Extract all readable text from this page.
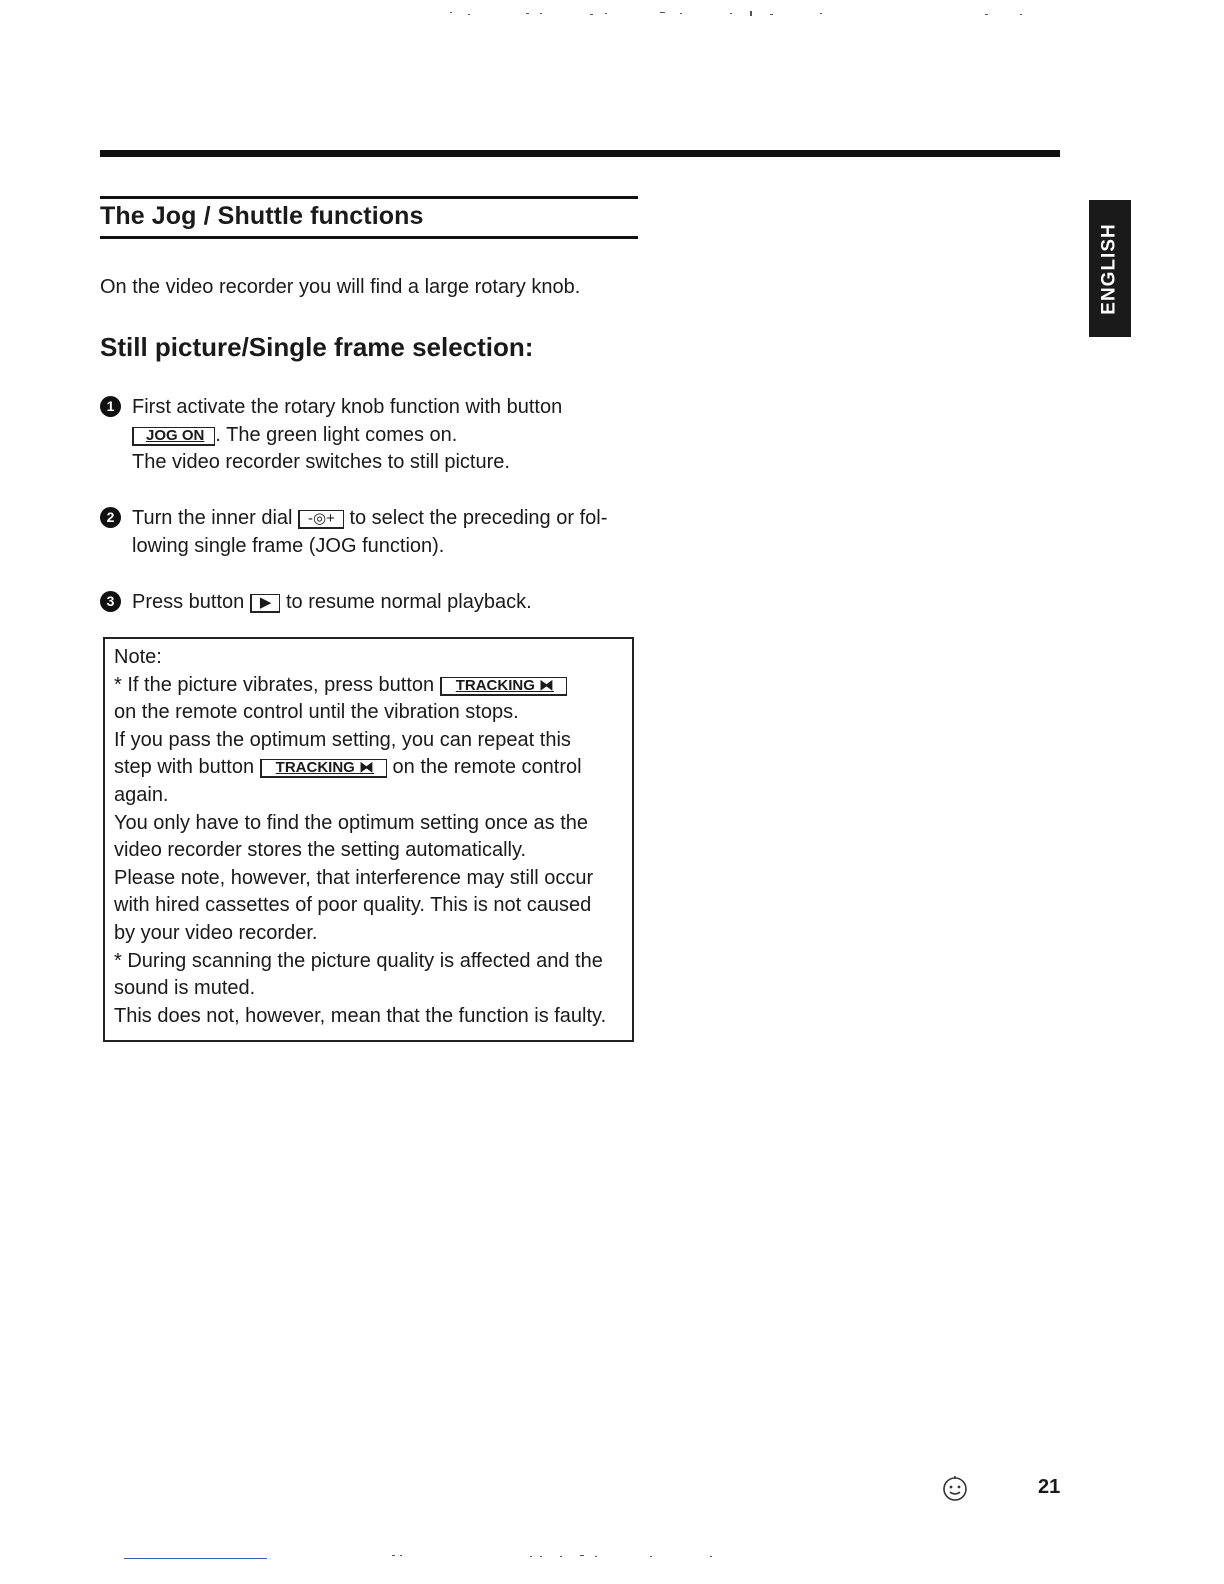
The Jog / Shuttle functions
On the video recorder you will find a large rotary knob.
Still picture/Single frame selection:
1 First activate the rotary knob function with button
JOG ON . The green light comes on.
The video recorder switches to still picture.
2 Turn the inner dial -◎+ to select the preceding or fol-
lowing single frame (JOG function).
3 Press button ▶ to resume normal playback.

Note:

* If the picture vibrates, press button TRACKING ⧓

on the remote control until the vibration stops.

If you pass the optimum setting, you can repeat this

step with button TRACKING ⧓ on the remote control

again.

You only have to find the optimum setting once as the

video recorder stores the setting automatically.

Please note, however, that interference may still occur

with hired cassettes of poor quality. This is not caused

by your video recorder.

* During scanning the picture quality is affected and the

sound is muted.

This does not, however, mean that the function is faulty.

ENGLISH
21
